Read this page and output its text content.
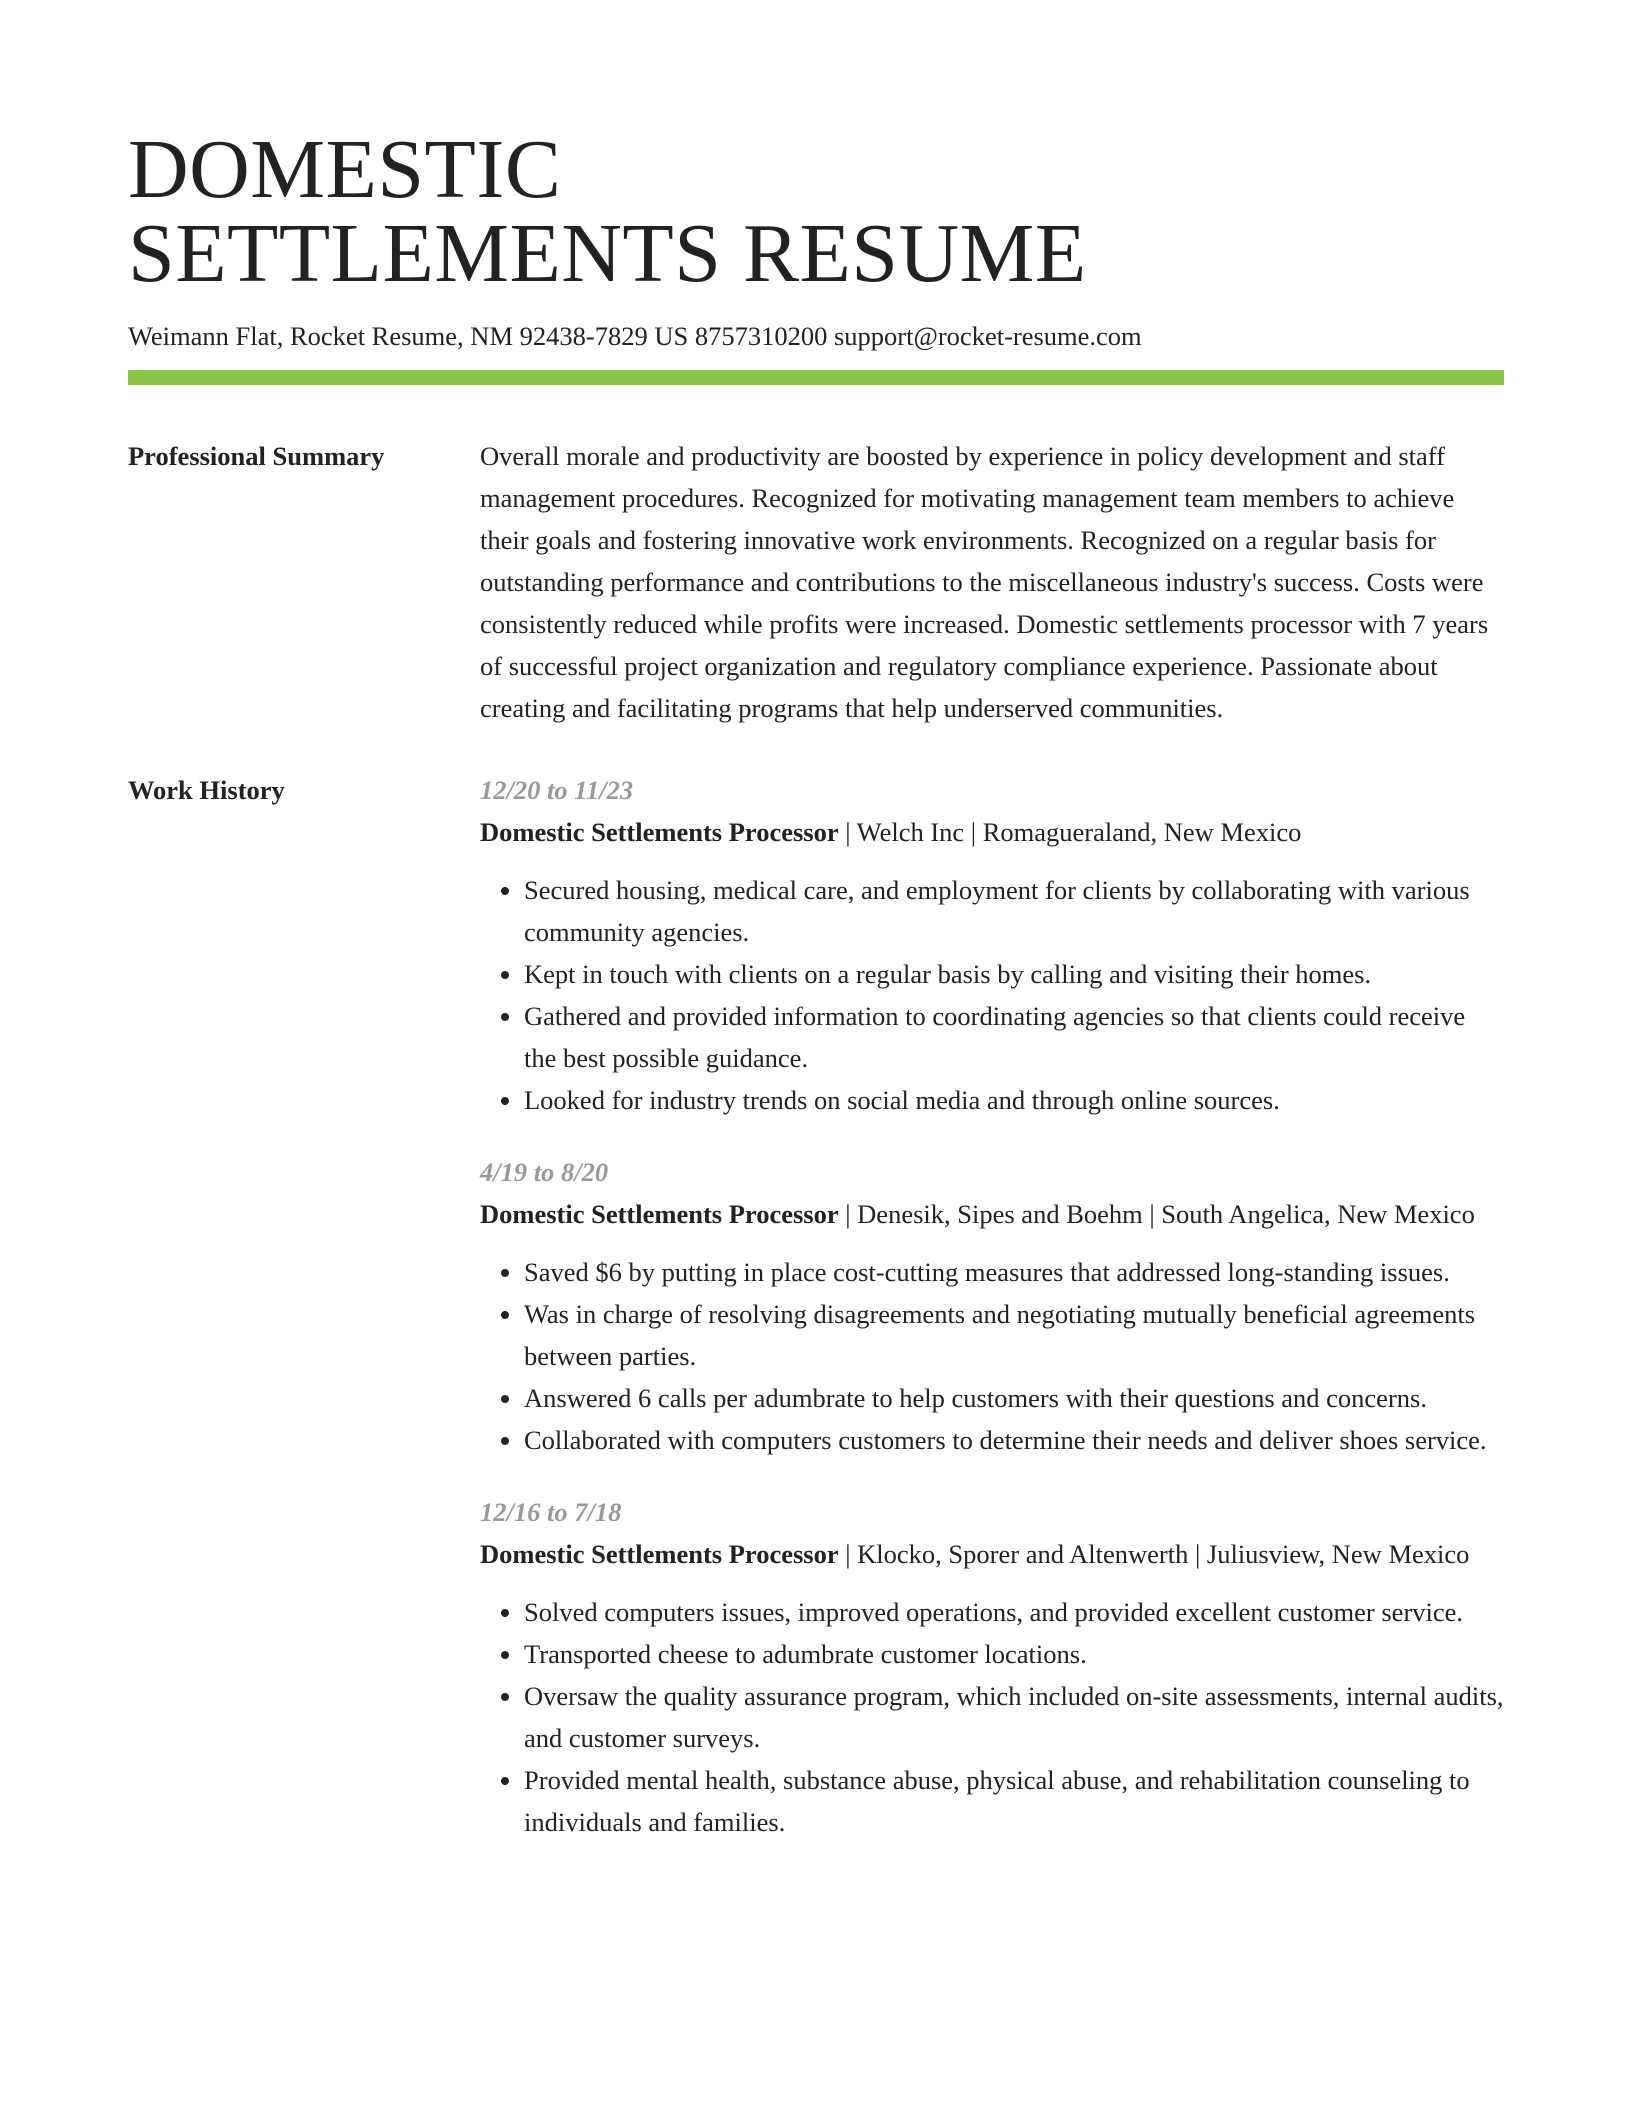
DOMESTIC
SETTLEMENTS RESUME
Weimann Flat, Rocket Resume, NM 92438-7829 US 8757310200 support@rocket-resume.com
Professional Summary	Overall morale and productivity are boosted by experience in policy development and staff management procedures. Recognized for motivating management team members to achieve their goals and fostering innovative work environments. Recognized on a regular basis for outstanding performance and contributions to the miscellaneous industry's success. Costs were consistently reduced while profits were increased. Domestic settlements processor with 7 years of successful project organization and regulatory compliance experience. Passionate about creating and facilitating programs that help underserved communities.

Work History	12/20 to 11/23
Domestic Settlements Processor | Welch Inc | Romagueraland, New Mexico
• Secured housing, medical care, and employment for clients by collaborating with various community agencies.
• Kept in touch with clients on a regular basis by calling and visiting their homes.
• Gathered and provided information to coordinating agencies so that clients could receive the best possible guidance.
• Looked for industry trends on social media and through online sources.
4/19 to 8/20
Domestic Settlements Processor | Denesik, Sipes and Boehm | South Angelica, New Mexico
• Saved $6 by putting in place cost-cutting measures that addressed long-standing issues.
• Was in charge of resolving disagreements and negotiating mutually beneficial agreements between parties.
• Answered 6 calls per adumbrate to help customers with their questions and concerns.
• Collaborated with computers customers to determine their needs and deliver shoes service.
12/16 to 7/18
Domestic Settlements Processor | Klocko, Sporer and Altenwerth | Juliusview, New Mexico
• Solved computers issues, improved operations, and provided excellent customer service.
• Transported cheese to adumbrate customer locations.
• Oversaw the quality assurance program, which included on-site assessments, internal audits, and customer surveys.
• Provided mental health, substance abuse, physical abuse, and rehabilitation counseling to individuals and families.
